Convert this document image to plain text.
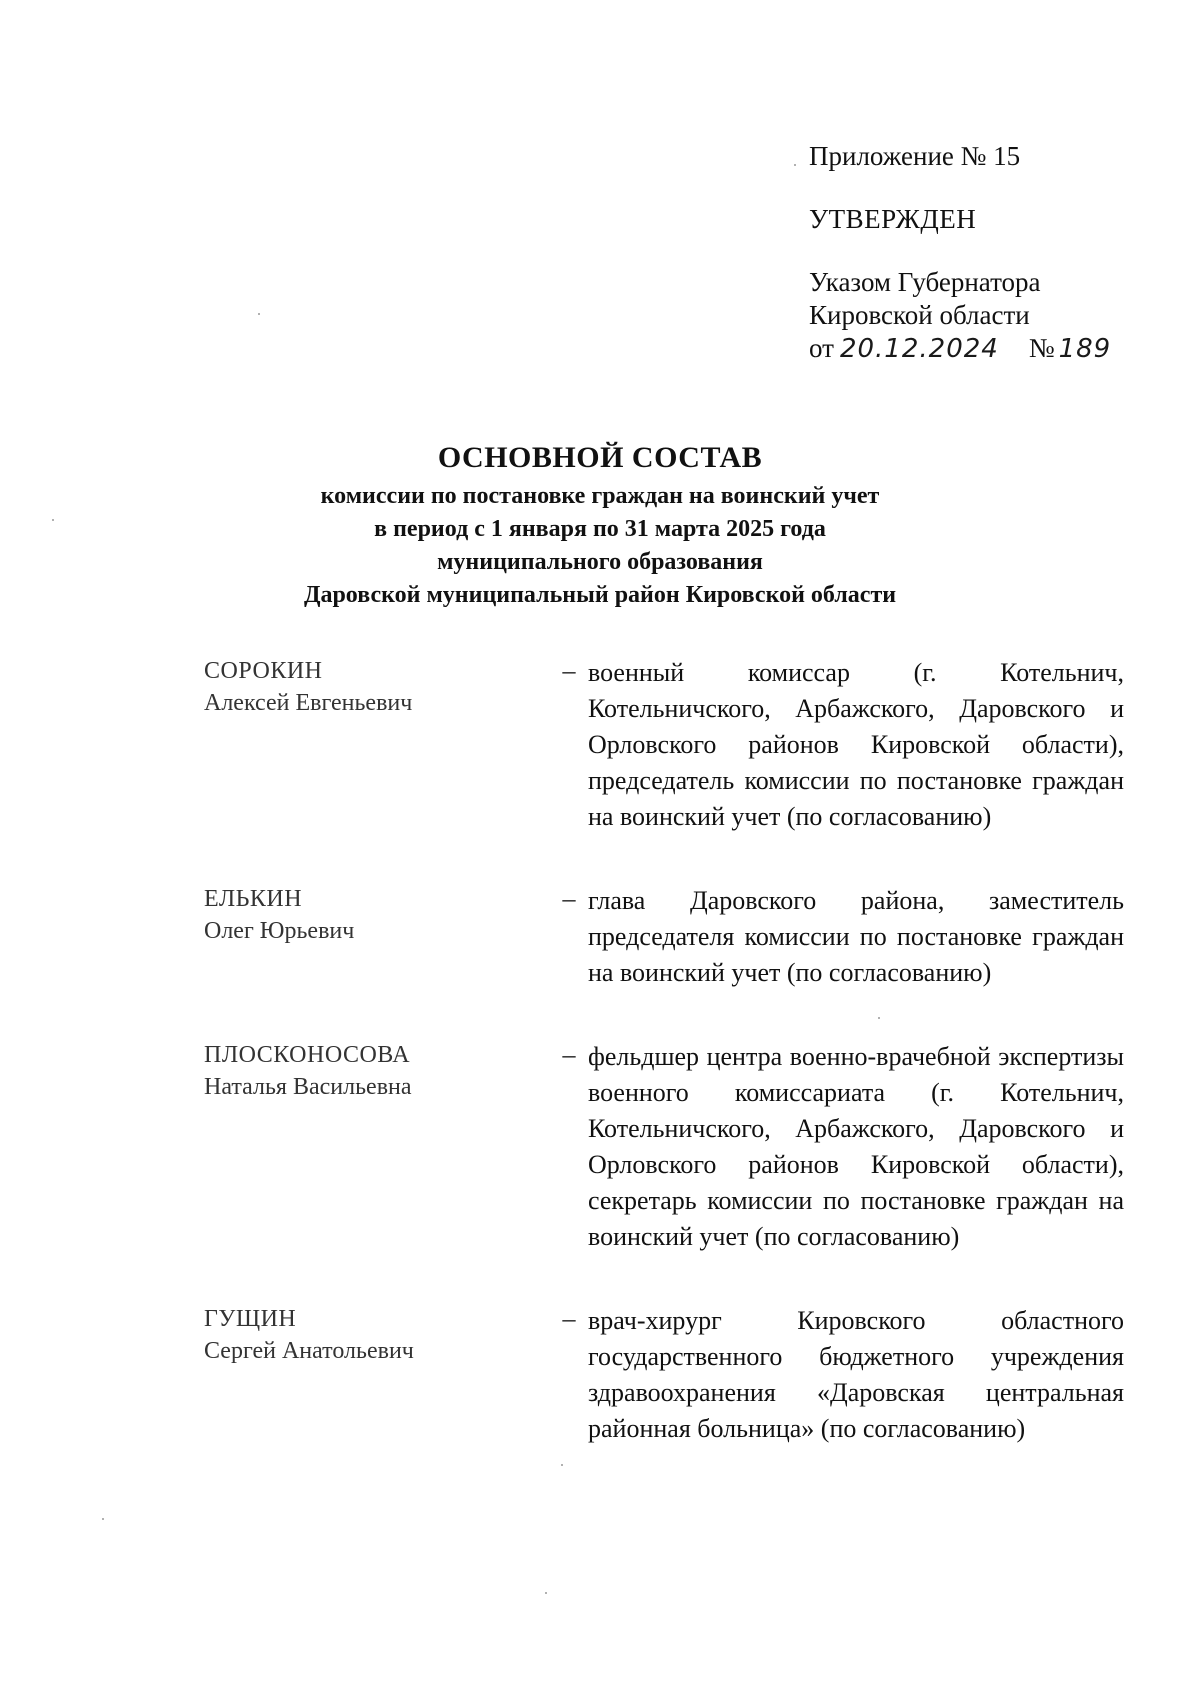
Приложение № 15
УТВЕРЖДЕН
Указом Губернатора
Кировской области
от 20.12.2024 № 189
ОСНОВНОЙ СОСТАВ
комиссии по постановке граждан на воинский учет
в период с 1 января по 31 марта 2025 года
муниципального образования
Даровской муниципальный район Кировской области
СОРОКИН
Алексей Евгеньевич
– военный комиссар (г. Котельнич, Котельничского, Арбажского, Даровского и Орловского районов Кировской области), председатель комиссии по постановке граждан на воинский учет (по согласованию)
ЕЛЬКИН
Олег Юрьевич
– глава Даровского района, заместитель председателя комиссии по постановке граждан на воинский учет (по согласованию)
ПЛОСКОНОСОВА
Наталья Васильевна
– фельдшер центра военно-врачебной экспертизы военного комиссариата (г. Котельнич, Котельничского, Арбажского, Даровского и Орловского районов Кировской области), секретарь комиссии по постановке граждан на воинский учет (по согласованию)
ГУЩИН
Сергей Анатольевич
– врач-хирург Кировского областного государственного бюджетного учреждения здравоохранения «Даровская центральная районная больница» (по согласованию)
